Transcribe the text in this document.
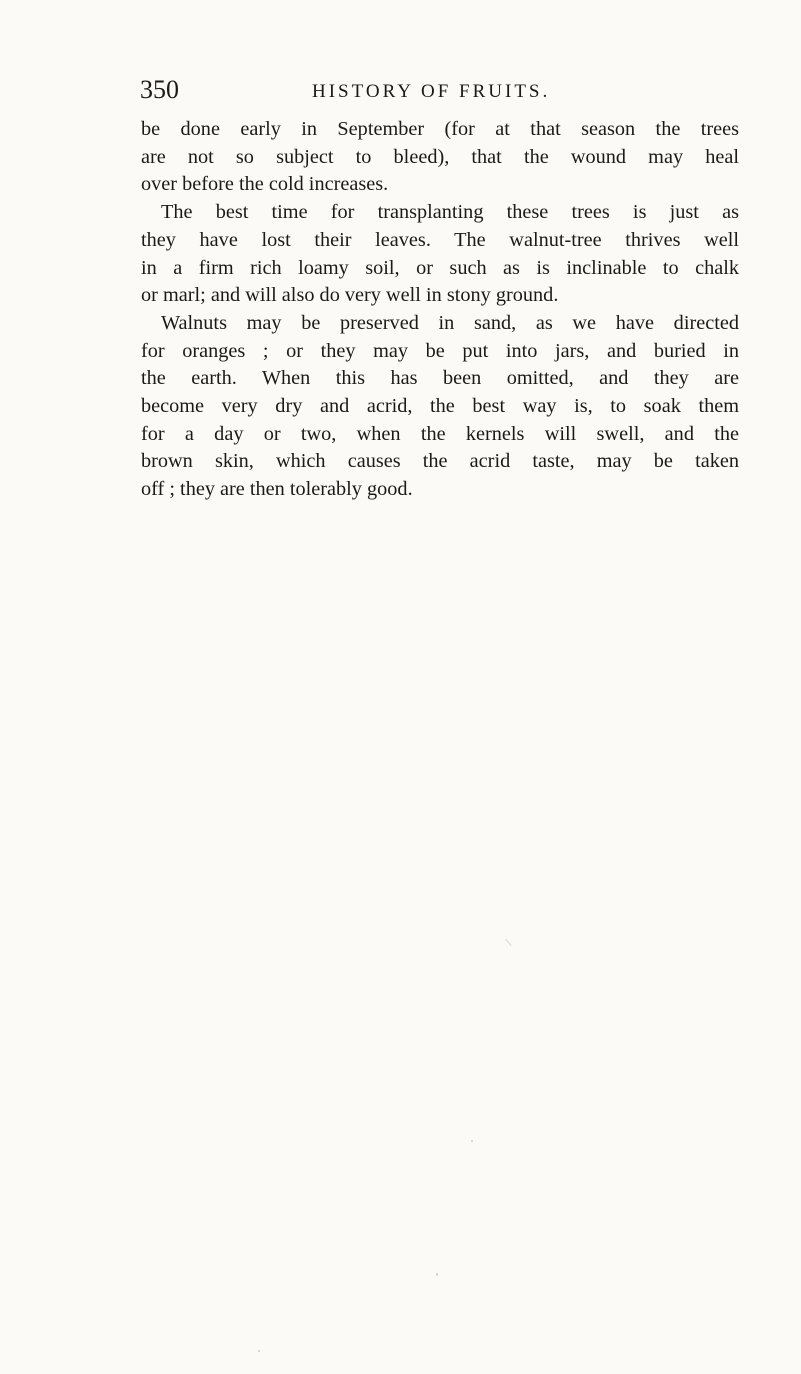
350	HISTORY OF FRUITS.
be done early in September (for at that season the trees
are not so subject to bleed), that the wound may heal
over before the cold increases.
The best time for transplanting these trees is just as
they have lost their leaves. The walnut-tree thrives well
in a firm rich loamy soil, or such as is inclinable to chalk
or marl; and will also do very well in stony ground.
Walnuts may be preserved in sand, as we have directed
for oranges ; or they may be put into jars, and buried in
the earth. When this has been omitted, and they are
become very dry and acrid, the best way is, to soak them
for a day or two, when the kernels will swell, and the
brown skin, which causes the acrid taste, may be taken
off ; they are then tolerably good.
